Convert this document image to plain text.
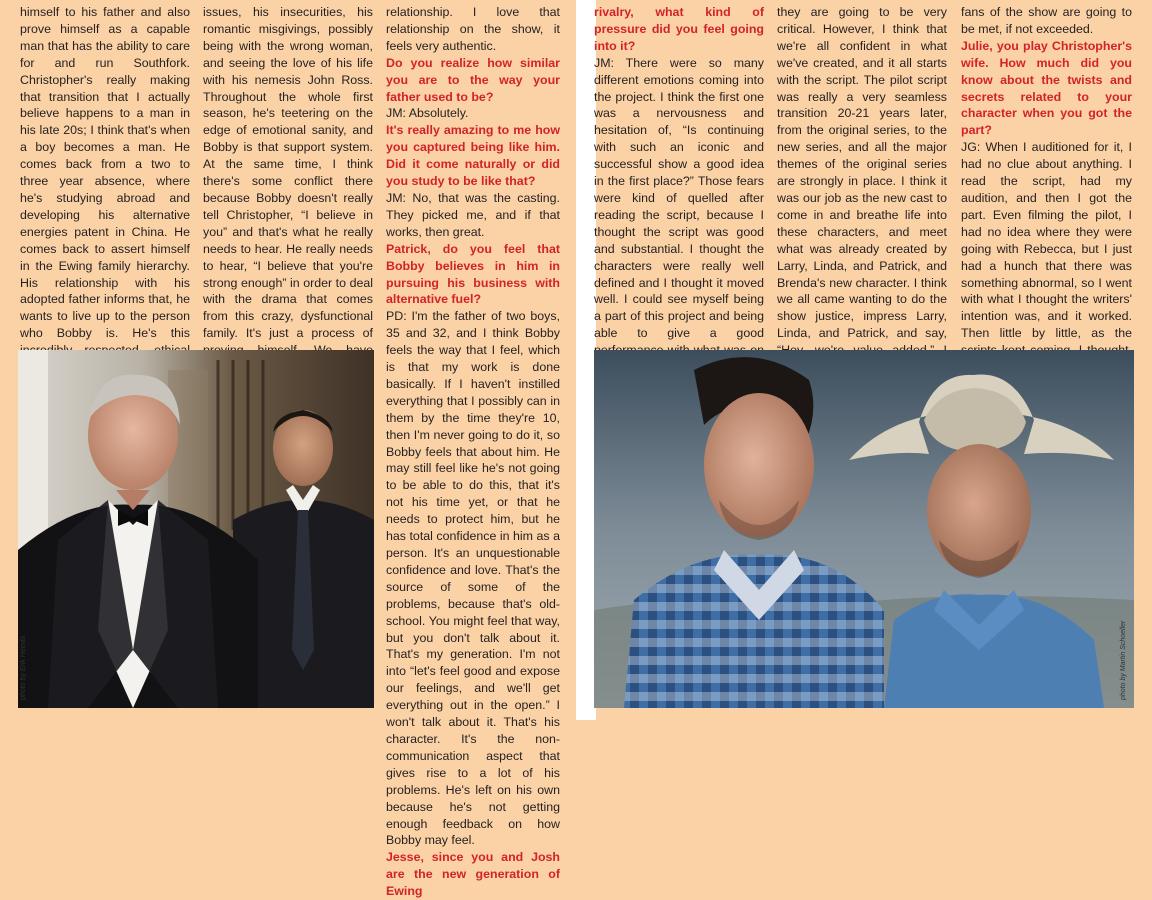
himself to his father and also prove himself as a capable man that has the ability to care for and run Southfork. Christopher's really making that transition that I actually believe happens to a man in his late 20s; I think that's when a boy becomes a man. He comes back from a two to three year absence, where he's studying abroad and developing his alternative energies patent in China. He comes back to assert himself in the Ewing family hierarchy. His relationship with his adopted father informs that, he wants to live up to the person who Bobby is. He's this

issues, his insecurities, his romantic misgivings, possibly being with the wrong woman, and seeing the love of his life with his nemesis John Ross. Throughout the whole first season, he's teetering on the edge of emotional sanity, and Bobby is that support system. At the same time, I think there's some conflict there because Bobby doesn't really tell Christopher, “I believe in you” and that's what he really needs to hear. He really needs to hear, “I believe that you're strong enough” in order to deal with the drama that comes from this crazy, dysfunctional family. It's just a process of

relationship. I love that relationship on the show, it feels very authentic.

Do you realize how similar you are to the way your father used to be?

JM: Absolutely.

It's really amazing to me how you captured being like him. Did it come naturally or did you study to be like that?

JM: No, that was the casting. They picked me, and if that works, then great.

Patrick, do you feel that Bobby believes in him in pursuing his business with alternative fuel?

PD: I'm the father of two boys, 35 and 32, and I think Bobby feels the way that I feel, which is that my work is done basically. If I haven't instilled everything that I possibly can in them by the time they're 10, then I'm never going to do it, so Bobby feels that about him. He may still feel like he's not going to be able to do this, that it's not his time yet, or that he needs to protect him, but he has total confidence in him as a person. It's an unquestionable confidence and love. That's the source of some of the problems, because that's old-school. You might feel that way, but you don't talk about it. That's my generation. I'm not into “let's feel good and expose our feelings, and we'll get everything out in the open.” I won't talk about it. That's his character. It's the non-communication aspect that gives rise to a lot of his problems. He's left on his own because he's not getting enough feedback on how Bobby may feel.

Jesse, since you and Josh are the new generation of Ewing

rivalry, what kind of pressure did you feel going into it?

JM: There were so many different emotions coming into the project. I think the first one was a nervousness and hesitation of, “Is continuing with such an iconic and successful show a good idea in the first place?” Those fears were kind of quelled after reading the script, because I thought the script was good and substantial. I thought the characters were really well defined and I thought it moved well. I could see myself being a part of this project and being able to give a good

they are going to be very critical. However, I think that we're all confident in what we've created, and it all starts with the script. The pilot script was really a very seamless transition 20-21 years later, from the original series, to the new series, and all the major themes of the original series are strongly in place. I think it was our job as the new cast to come in and breathe life into these characters, and meet what was already created by Larry, Linda, and Patrick, and Brenda's new character. I think we all came wanting to do the show justice, impress Larry, Linda, and Patrick, and say,

fans of the show are going to be met, if not exceeded.

Julie, you play Christopher's wife. How much did you know about the twists and secrets related to your character when you got the part?

JG: When I auditioned for it, I had no clue about anything. I read the script, had my audition, and then I got the part. Even filming the pilot, I had no idea where they were going with Rebecca, but I just had a hunch that there was something abnormal, so I went with what I thought the writers' intention was, and it worked. Then little by little, as the

photo by Erik Heinila	photo by Martin Schoeller
